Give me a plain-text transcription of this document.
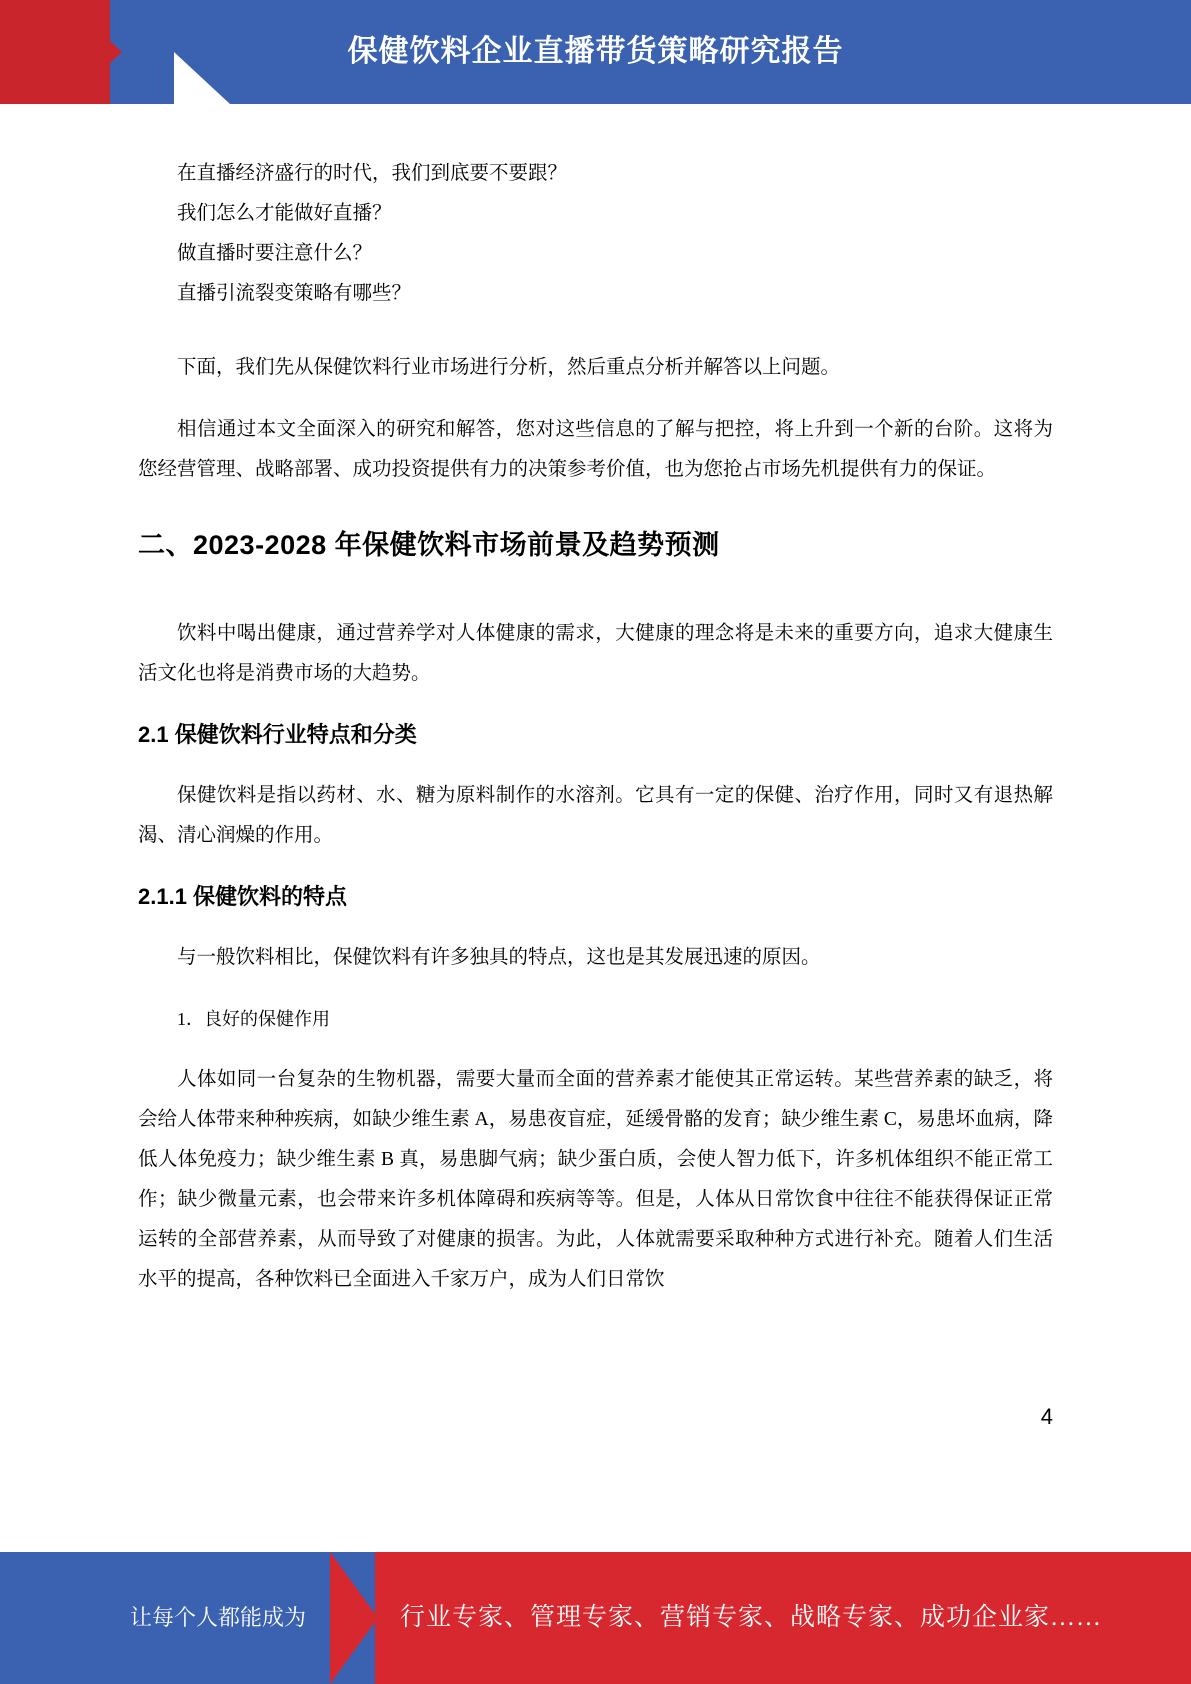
保健饮料企业直播带货策略研究报告

在直播经济盛行的时代，我们到底要不要跟？

我们怎么才能做好直播？

做直播时要注意什么？

直播引流裂变策略有哪些？

下面，我们先从保健饮料行业市场进行分析，然后重点分析并解答以上问题。

相信通过本文全面深入的研究和解答，您对这些信息的了解与把控，将上升到一个新的台阶。这将为您经营管理、战略部署、成功投资提供有力的决策参考价值，也为您抢占市场先机提供有力的保证。

二、2023-2028 年保健饮料市场前景及趋势预测

饮料中喝出健康，通过营养学对人体健康的需求，大健康的理念将是未来的重要方向，追求大健康生活文化也将是消费市场的大趋势。

2.1 保健饮料行业特点和分类

保健饮料是指以药材、水、糖为原料制作的水溶剂。它具有一定的保健、治疗作用，同时又有退热解渴、清心润燥的作用。

2.1.1 保健饮料的特点

与一般饮料相比，保健饮料有许多独具的特点，这也是其发展迅速的原因。

1．良好的保健作用

人体如同一台复杂的生物机器，需要大量而全面的营养素才能使其正常运转。某些营养素的缺乏，将会给人体带来种种疾病，如缺少维生素 A，易患夜盲症，延缓骨骼的发育；缺少维生素 C，易患坏血病，降低人体免疫力；缺少维生素 B 真，易患脚气病；缺少蛋白质，会使人智力低下，许多机体组织不能正常工作；缺少微量元素，也会带来许多机体障碍和疾病等等。但是，人体从日常饮食中往往不能获得保证正常运转的全部营养素，从而导致了对健康的损害。为此，人体就需要采取种种方式进行补充。随着人们生活水平的提高，各种饮料已全面进入千家万户，成为人们日常饮

4
让每个人都能成为	行业专家、管理专家、营销专家、战略专家、成功企业家……
